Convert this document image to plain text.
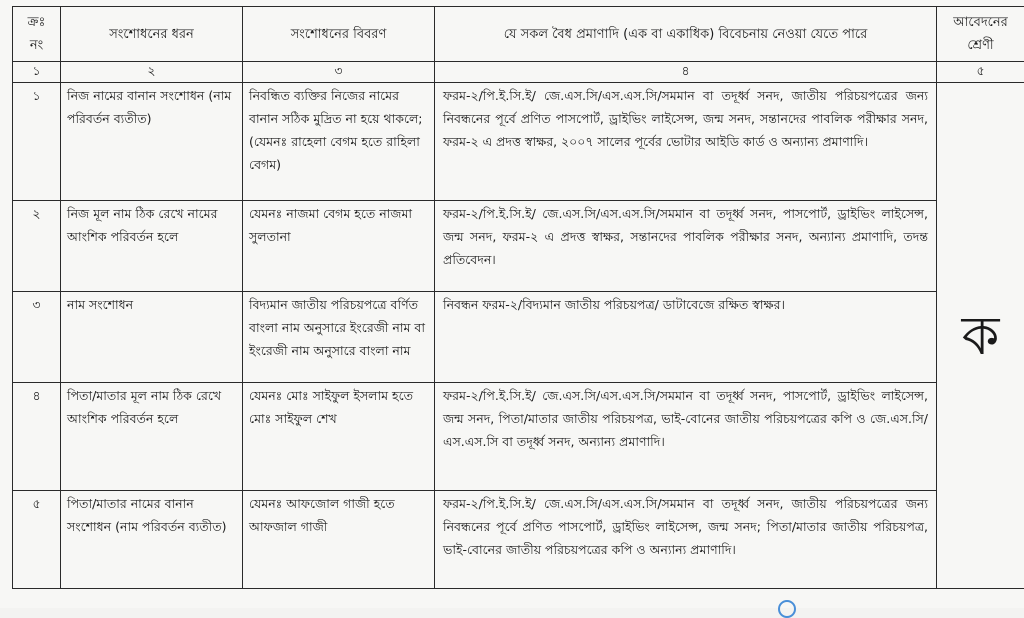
ক্রঃ নং	সংশোধনের ধরন	সংশোধনের বিবরণ	যে সকল বৈধ প্রমাণাদি (এক বা একাধিক) বিবেচনায় নেওয়া যেতে পারে	আবেদনের শ্রেণী
১	২	৩	৪	৫
১	নিজ নামের বানান সংশোধন (নাম পরিবর্তন ব্যতীত)	নিবন্ধিত ব্যক্তির নিজের নামের বানান সঠিক মুদ্রিত না হয়ে থাকলে; (যেমনঃ রাহেলা বেগম হতে রাহিলা বেগম)	ফরম-২/পি.ই.সি.ই/ জে.এস.সি/এস.এস.সি/সমমান বা তদূর্ধ্ব সনদ, জাতীয় পরিচয়পত্রের জন্য নিবন্ধনের পূর্বে প্রণিত পাসপোর্ট, ড্রাইভিং লাইসেন্স, জন্ম সনদ, সন্তানদের পাবলিক পরীক্ষার সনদ, ফরম-২ এ প্রদত্ত স্বাক্ষর, ২০০৭ সালের পূর্বের ভোটার আইডি কার্ড ও অন্যান্য প্রমাণাদি।	ক
২	নিজ মূল নাম ঠিক রেখে নামের আংশিক পরিবর্তন হলে	যেমনঃ নাজমা বেগম হতে নাজমা সুলতানা	ফরম-২/পি.ই.সি.ই/ জে.এস.সি/এস.এস.সি/সমমান বা তদূর্ধ্ব সনদ, পাসপোর্ট, ড্রাইভিং লাইসেন্স, জন্ম সনদ, ফরম-২ এ প্রদত্ত স্বাক্ষর, সন্তানদের পাবলিক পরীক্ষার সনদ, অন্যান্য প্রমাণাদি, তদন্ত প্রতিবেদন।	
৩	নাম সংশোধন	বিদ্যমান জাতীয় পরিচয়পত্রে বর্ণিত বাংলা নাম অনুসারে ইংরেজী নাম বা ইংরেজী নাম অনুসারে বাংলা নাম	নিবন্ধন ফরম-২/বিদ্যমান জাতীয় পরিচয়পত্র/ ডাটাবেজে রক্ষিত স্বাক্ষর।	
৪	পিতা/মাতার মূল নাম ঠিক রেখে আংশিক পরিবর্তন হলে	যেমনঃ মোঃ সাইফুল ইসলাম হতে মোঃ সাইফুল শেখ	ফরম-২/পি.ই.সি.ই/ জে.এস.সি/এস.এস.সি/সমমান বা তদূর্ধ্ব সনদ, পাসপোর্ট, ড্রাইভিং লাইসেন্স, জন্ম সনদ, পিতা/মাতার জাতীয় পরিচয়পত্র, ভাই-বোনের জাতীয় পরিচয়পত্রের কপি ও জে.এস.সি/এস.এস.সি বা তদূর্ধ্ব সনদ, অন্যান্য প্রমাণাদি।	
৫	পিতা/মাতার নামের বানান সংশোধন (নাম পরিবর্তন ব্যতীত)	যেমনঃ আফজোল গাজী হতে আফজাল গাজী	ফরম-২/পি.ই.সি.ই/ জে.এস.সি/এস.এস.সি/সমমান বা তদূর্ধ্ব সনদ, জাতীয় পরিচয়পত্রের জন্য নিবন্ধনের পূর্বে প্রণিত পাসপোর্ট, ড্রাইভিং লাইসেন্স, জন্ম সনদ; পিতা/মাতার জাতীয় পরিচয়পত্র, ভাই-বোনের জাতীয় পরিচয়পত্রের কপি ও অন্যান্য প্রমাণাদি।	
